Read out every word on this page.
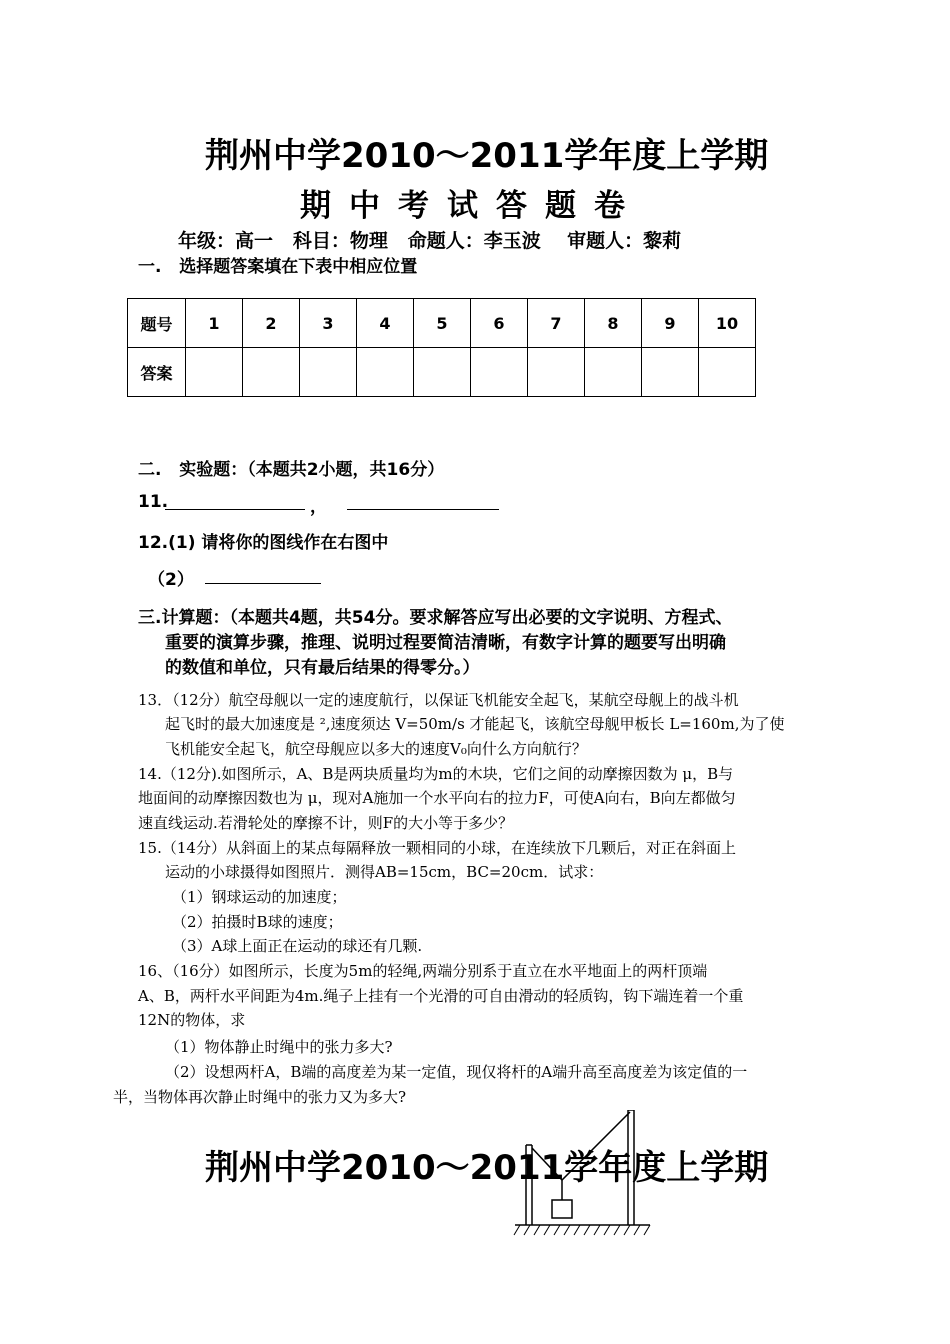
荆州中学2010～2011学年度上学期
期中考试答题卷
年级：高一   科目：物理   命题人：李玉波    审题人：黎莉
一.   选择题答案填在下表中相应位置
题号	1	2	3	4	5	6	7	8	9	10
答案										
二.   实验题：（本题共2小题，共16分）
11.	，
12.(1) 请将你的图线作在右图中
（2）
三.计算题：（本题共4题，共54分。要求解答应写出必要的文字说明、方程式、
重要的演算步骤，推理、说明过程要简洁清晰，有数字计算的题要写出明确
的数值和单位，只有最后结果的得零分。）
13．（12分）航空母舰以一定的速度航行，以保证飞机能安全起飞，某航空母舰上的战斗机
起飞时的最大加速度是 ²,速度须达 V=50m/s 才能起飞，该航空母舰甲板长 L=160m,为了使
飞机能安全起飞，航空母舰应以多大的速度V₀向什么方向航行？
14.（12分).如图所示，A、B是两块质量均为m的木块，它们之间的动摩擦因数为 μ，B与
地面间的动摩擦因数也为 μ，现对A施加一个水平向右的拉力F，可使A向右，B向左都做匀
速直线运动.若滑轮处的摩擦不计，则F的大小等于多少？
15.（14分）从斜面上的某点每隔释放一颗相同的小球，在连续放下几颗后，对正在斜面上
运动的小球摄得如图照片．测得AB=15cm，BC=20cm．试求：
（1）钢球运动的加速度；
（2）拍摄时B球的速度；
（3）A球上面正在运动的球还有几颗.
16、（16分）如图所示，长度为5m的轻绳,两端分别系于直立在水平地面上的两杆顶端
A、B，两杆水平间距为4m.绳子上挂有一个光滑的可自由滑动的轻质钩，钩下端连着一个重
12N的物体，求
（1）物体静止时绳中的张力多大?
（2）设想两杆A，B端的高度差为某一定值，现仅将杆的A端升高至高度差为该定值的一
半，当物体再次静止时绳中的张力又为多大?
荆州中学2010～2011学年度上学期
